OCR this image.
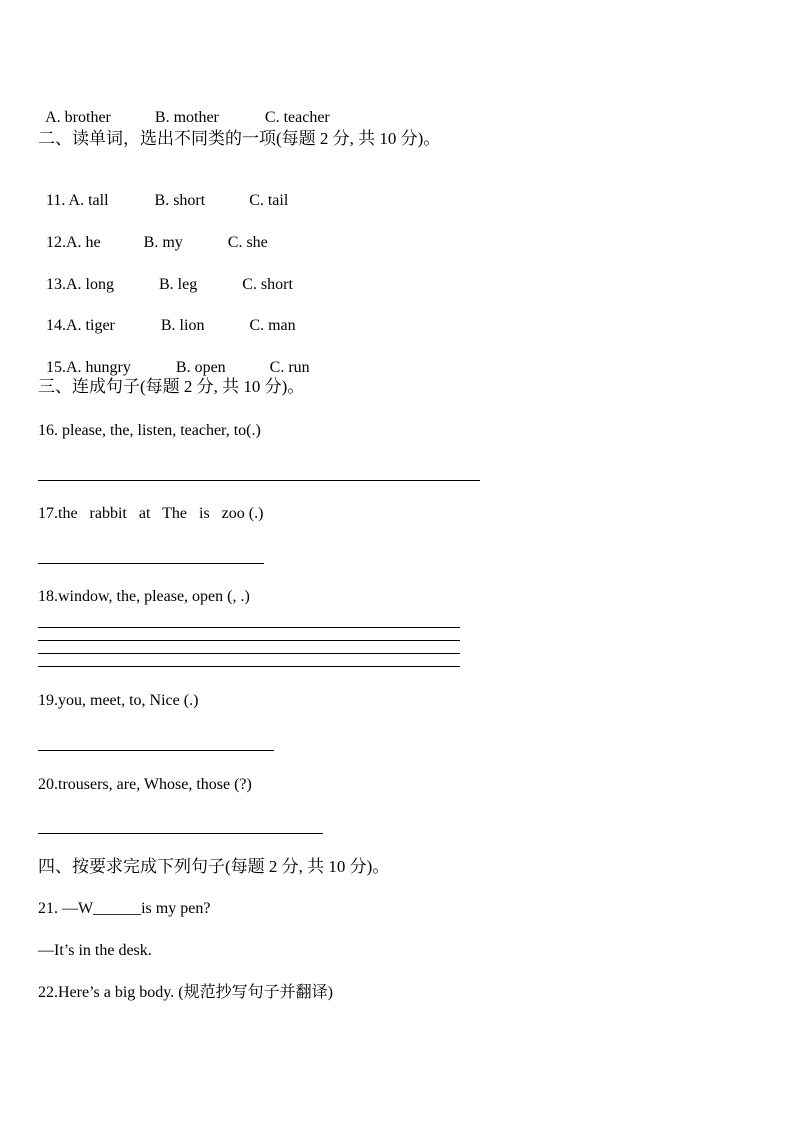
A. brother	B. mother	C. teacher

二、读单词，选出不同类的一项(每题 2 分, 共 10 分)。

11. A. tall	B. short	C. tail

12.A. he	B. my	C. she

13.A. long	B. leg	C. short

14.A. tiger	B. lion	C. man

15.A. hungry	B. open	C. run

三、连成句子(每题 2 分, 共 10 分)。
16. please, the, listen, teacher, to(.)
17.the   rabbit   at   The   is   zoo (.)
18.window, the, please, open (, .)
19.you, meet, to, Nice (.)
20.trousers, are, Whose, those (?)
四、按要求完成下列句子(每题 2 分, 共 10 分)。
21. —W______is my pen?
—It’s in the desk.
22.Here’s a big body. (规范抄写句子并翻译)
